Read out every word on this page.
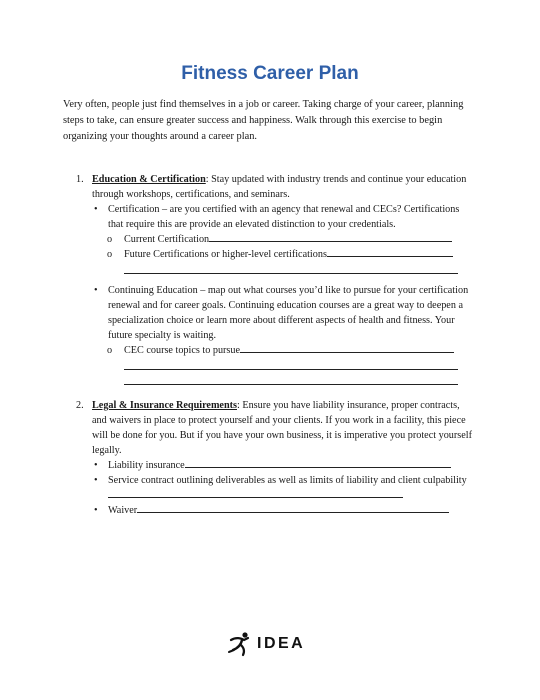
Fitness Career Plan

Very often, people just find themselves in a job or career. Taking charge of your career, planning steps to take, can ensure greater success and happiness. Walk through this exercise to begin organizing your thoughts around a career plan.

1. Education & Certification: Stay updated with industry trends and continue your education through workshops, certifications, and seminars.

• Certification – are you certified with an agency that renewal and CECs? Certifications that require this are provide an elevated distinction to your credentials.
o Current Certification
o Future Certifications or higher-level certifications
• Continuing Education – map out what courses you’d like to pursue for your certification renewal and for career goals. Continuing education courses are a great way to deepen a specialization choice or learn more about different aspects of health and fitness. Your future specialty is waiting.
o CEC course topics to pursue
2. Legal & Insurance Requirements: Ensure you have liability insurance, proper contracts, and waivers in place to protect yourself and your clients. If you work in a facility, this piece will be done for you. But if you have your own business, it is imperative you protect yourself legally.

• Liability insurance
• Service contract outlining deliverables as well as limits of liability and client culpability
• Waiver
IDEA
